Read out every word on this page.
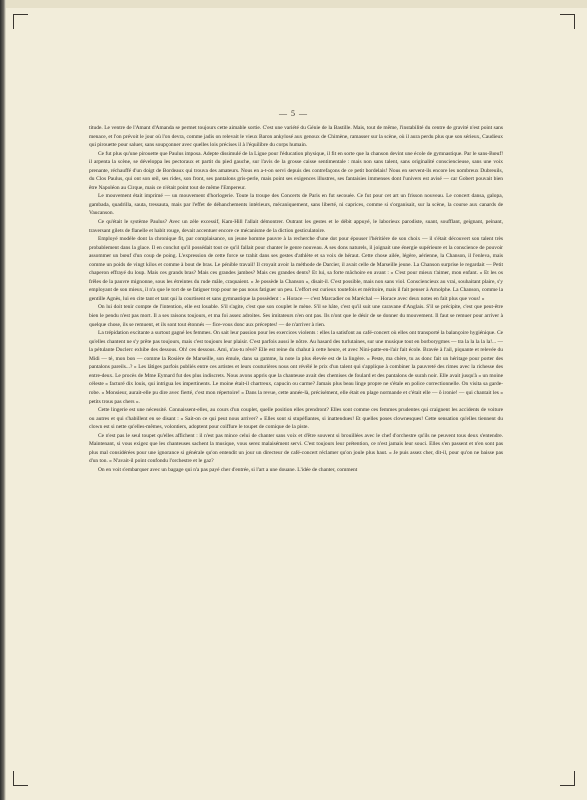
— 5 —

titude. Le ventre de l'Amant d'Amanda se permet toujours cette aimable sortie. C'est une variété du Génie de la Bastille. Mais, tout de même, l'instabilité du centre de gravité n'est point sans menace, et l'on prévoit le jour où l'on devra, comme jadis on relevait le vieux Baron ankylosé aux genoux de Chimène, ramasser sur la scène, où il aura perdu plus que son sérieux, Caudieux qui pirouette pour saluer, sans soupçonner avec quelles lois précises il à l'équilibre du corps humain.

Ce fut plus qu'une pirouette que Paulus imposa. Adepte dissimulé de la Ligue pour l'éducation physique, il fit en sorte que la chanson devint une école de gymnastique. Par le sans-Bœuf! il arpenta la scène, se développa les pectoraux et partit du pied gauche, sur l'avis de la grosse caisse sentimentale : mais non sans talent, sans originalité consciencieuse, sans une voix prenante, réchauffé d'un doigt de Bordeaux qui trouva des amateurs. Nous en a-t-on servi depuis des contrefaçons de ce petit bordelais! Nous en servent-ils encore les nombreux Dubreuils, du Clos Paulus, qui ont son œil, ses rides, son front, ses pantalons gris-perle, mais point ses exigences illustres, ses fantaisies immenses dont l'univers est avisé — car Gobert pouvait bien être Napoléon au Cirque, mais ce n'était point tout de même l'Empereur.

Le mouvement était imprimé — un mouvement d'horlogerie. Toute la troupe des Concerts de Paris en fut secouée. Ce fut pour cet art un frisson nouveau. Le concert dansa, galopa, gambada, quadrilla, sauta, tressauta, mais par l'effet de déhanchements intérieurs, mécaniquement, sans liberté, ni caprices, comme si s'organisait, sur la scène, la course aux canards de Vaucanson.

Ce qu'était le système Paulus? Avec un zèle excessif, Kam-Hill l'allait démontrer. Outrant les gestes et le débit appuyé, le laborieux parodiste, suant, soufflant, geignant, peinant, traversant gilets de flanelle et habit rouge, devait accentuer encore ce mécanisme de la diction gesticulatoire.

Employé modèle dont la chronique fit, par complaisance, un jeune homme pauvre à la recherche d'une dot pour épouser l'héritière de son choix — il s'était découvert son talent très probablement dans la glace. Il en conclut qu'il possédait tout ce qu'il fallait pour chanter le genre nouveau. A ses dons naturels, il joignait une énergie supérieure et la conscience de pouvoir assommer un bœuf d'un coup de poing. L'expression de cette force se trahit dans ses gestes d'athlète et sa voix de héraut. Cette chose ailée, légère, aérienne, la Chanson, il l'enleva, mais comme un poids de vingt kilos et comme à bout de bras. Le pénible travail! Il croyait avoir la méthode de Darcier, il avait celle de Marseille jeune. La Chanson surprise le regardait — Petit chaperon effrayé du loup. Mais ces grands bras? Mais ces grandes jambes? Mais ces grandes dents? Et lui, sa forte mâchoire en avant : « C'est pour mieux t'aimer, mon enfant. » Et les os frêles de la pauvre mignonne, sous les étreintes du rude mâle, craquaient. « Je possède la Chanson », disait-il. C'est possible, mais non sans viol. Consciencieux au vrai, souhaitant plaire, s'y employant de son mieux, il n'a que le tort de se fatiguer trop pour ne pas nous fatiguer un peu. L'effort est curieux toutefois et méritoire, mais il fait penser à Arnolphe. La Chanson, comme la gentille Agnès, lui en cite tant et tant qui la courtisent et sans gymnastique la possèdent : « Horace — c'est Marcadier ou Maréchal — Horace avec deux notes en fait plus que vous! »

On lui doit tenir compte de l'intention, elle est louable. S'il s'agite, c'est que son couplet le mène. S'il se hâte, c'est qu'il suit une caravane d'Anglais. S'il se précipite, c'est que peut-être bien le pendu n'est pas mort. Il a ses raisons toujours, et ma foi assez adroites. Ses imitateurs n'en ont pas. Ils n'ont que le désir de se donner du mouvement. Il faut se remuer pour arriver à quelque chose, ils se remuent, et ils sont tout étonnés — fice-vous donc aux préceptes! — de n'arriver à rien.

La trépidation excitante a surtout gagné les femmes. On sait leur passion pour les exercices violents : elles la satisfont au café-concert où elles ont transporté la balançoire hygiénique. Ce qu'elles chantent ne s'y prête pas toujours, mais c'est toujours leur plaisir. C'est parfois aussi le nôtre. Au hasard des turlutaines, sur une musique tout en borborygmes — tra la la la la la!... — la pétulante Duclerc exhibe des dessous. Oh! ces dessous. Ami, n'as-tu rêvé? Elle est reine du chahut à cette heure, et avec Nini-patte-en-l'air fait école. Bravée à l'ail, piquante et relevée du Midi — té, mon bon — comme la Rosière de Marseille, son émule, dans sa gamme, la note la plus élevée est de la lingère. « Peste, ma chère, tu as donc fait un héritage pour porter des pantalons pareils...? » Les lâtiges parfois publiés entre ces artistes et leurs couturières nous ont révélé le prix d'un talent qui s'applique à combiner la pauvreté des rimes avec la richesse des entre-deux. Le procès de Mme Eymard fut des plus indiscrets. Nous avons appris que la chanteuse avait des chemises de foulard et des pantalons de surah noir. Elle avait jusqu'à « un moine céleste » facturé dix louis, qui intrigua les impertinents. Le moine était-il chartreux, capucin ou carme? Jamais plus beau linge propre ne s'étale en police correctionnelle. On visita sa garde-robe. « Monsieur, aurait-elle pu dire avec fierté, c'est mon répertoire! » Dans la revue, cette année-là, précisément, elle était en plage normande et c'était elle — ô ironie! — qui chantait les « petits trous pas chers ».

Cette lingerie est une nécessité. Connaissent-elles, au cours d'un couplet, quelle position elles prendront? Elles sont comme ces femmes prudentes qui craignent les accidents de voiture ou autres et qui s'habillent en se disant : « Sait-on ce qui peut nous arriver? » Elles sont si stupéfiantes, si inattendues! Et quelles poses clownesques! Cette sensation qu'elles tiennent du clown est si nette qu'elles-mêmes, volontiers, adoptent pour coiffure le toupet de comique de la piste.

Ce n'est pas le seul toupet qu'elles affichent : il n'est pas mince celui de chanter sans voix et d'être souvent si brouillées avec le chef d'orchestre qu'ils ne peuvent tous deux s'entendre. Maintenant, si vous exigez que les chanteuses sachent la musique, vous serez malaisément servi. C'est toujours leur prétention, ce n'est jamais leur souci. Elles s'en passent et n'en sont pas plus mal considérées pour une ignorance si générale qu'on entendit un jour un directeur de café-concert réclamer qu'on joule plus haut. « Je puis assez cher, dit-il, pour qu'on ne baisse pas d'un ton. » N'avait-il point confondu l'orchestre et le gaz?

On en voit s'embarquer avec un bagage qui n'a pas payé cher d'entrée, si l'art a une douane. L'idée de chanter, comment
